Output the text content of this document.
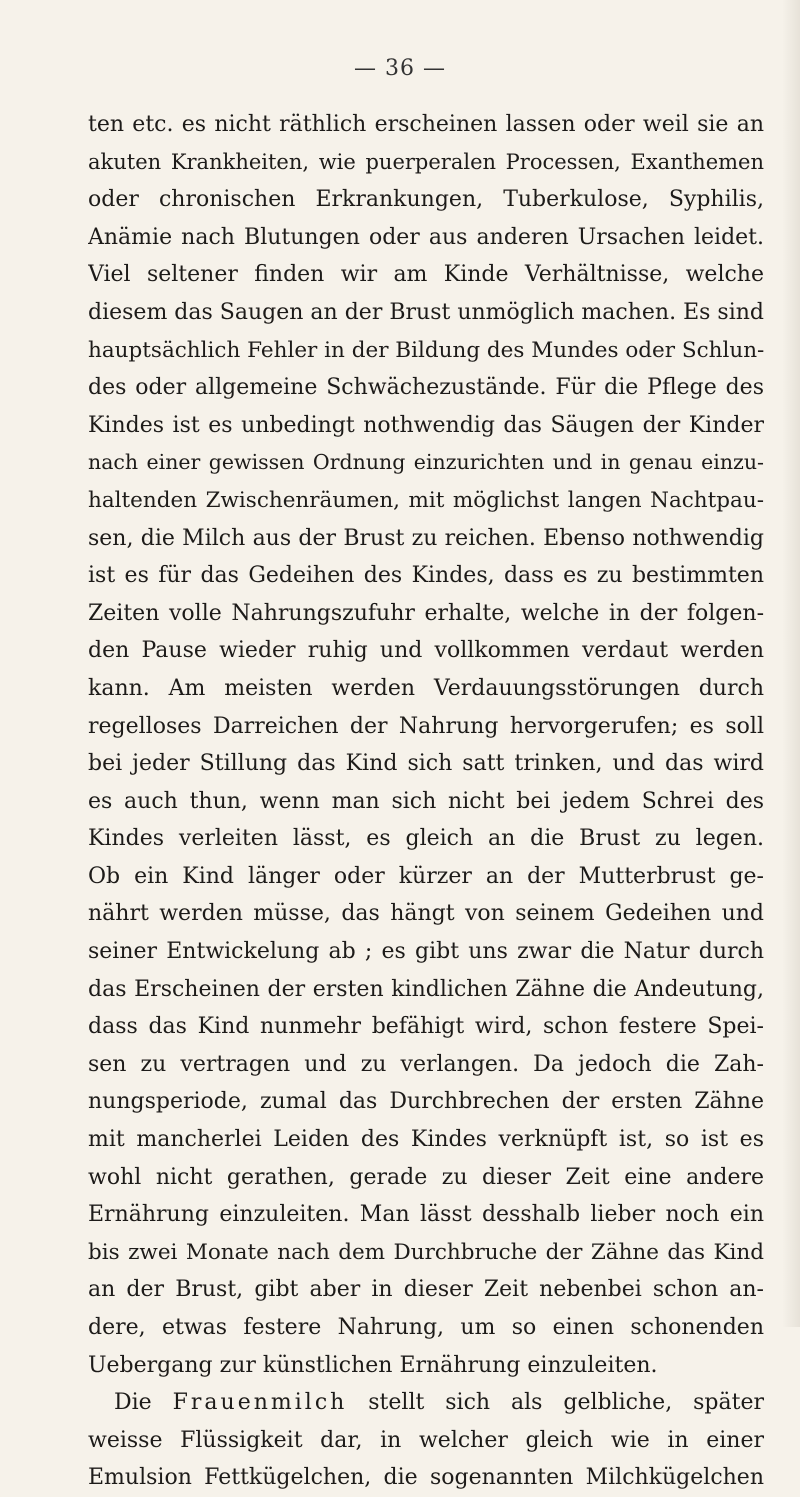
— 36 —
ten etc. es nicht räthlich erscheinen lassen oder weil sie an
akuten Krankheiten, wie puerperalen Processen, Exanthemen
oder chronischen Erkrankungen, Tuberkulose, Syphilis,
Anämie nach Blutungen oder aus anderen Ursachen leidet.
Viel seltener finden wir am Kinde Verhältnisse, welche
diesem das Saugen an der Brust unmöglich machen. Es sind
hauptsächlich Fehler in der Bildung des Mundes oder Schlun-
des oder allgemeine Schwächezustände. Für die Pflege des
Kindes ist es unbedingt nothwendig das Säugen der Kinder
nach einer gewissen Ordnung einzurichten und in genau einzu-
haltenden Zwischenräumen, mit möglichst langen Nachtpau-
sen, die Milch aus der Brust zu reichen. Ebenso nothwendig
ist es für das Gedeihen des Kindes, dass es zu bestimmten
Zeiten volle Nahrungszufuhr erhalte, welche in der folgen-
den Pause wieder ruhig und vollkommen verdaut werden
kann. Am meisten werden Verdauungsstörungen durch
regelloses Darreichen der Nahrung hervorgerufen; es soll
bei jeder Stillung das Kind sich satt trinken, und das wird
es auch thun, wenn man sich nicht bei jedem Schrei des
Kindes verleiten lässt, es gleich an die Brust zu legen.
Ob ein Kind länger oder kürzer an der Mutterbrust ge-
nährt werden müsse, das hängt von seinem Gedeihen und
seiner Entwickelung ab ; es gibt uns zwar die Natur durch
das Erscheinen der ersten kindlichen Zähne die Andeutung,
dass das Kind nunmehr befähigt wird, schon festere Spei-
sen zu vertragen und zu verlangen. Da jedoch die Zah-
nungsperiode, zumal das Durchbrechen der ersten Zähne
mit mancherlei Leiden des Kindes verknüpft ist, so ist es
wohl nicht gerathen, gerade zu dieser Zeit eine andere
Ernährung einzuleiten. Man lässt desshalb lieber noch ein
bis zwei Monate nach dem Durchbruche der Zähne das Kind
an der Brust, gibt aber in dieser Zeit nebenbei schon an-
dere, etwas festere Nahrung, um so einen schonenden
Uebergang zur künstlichen Ernährung einzuleiten.
Die Frauenmilch stellt sich als gelbliche, später
weisse Flüssigkeit dar, in welcher gleich wie in einer
Emulsion Fettkügelchen, die sogenannten Milchkügelchen
